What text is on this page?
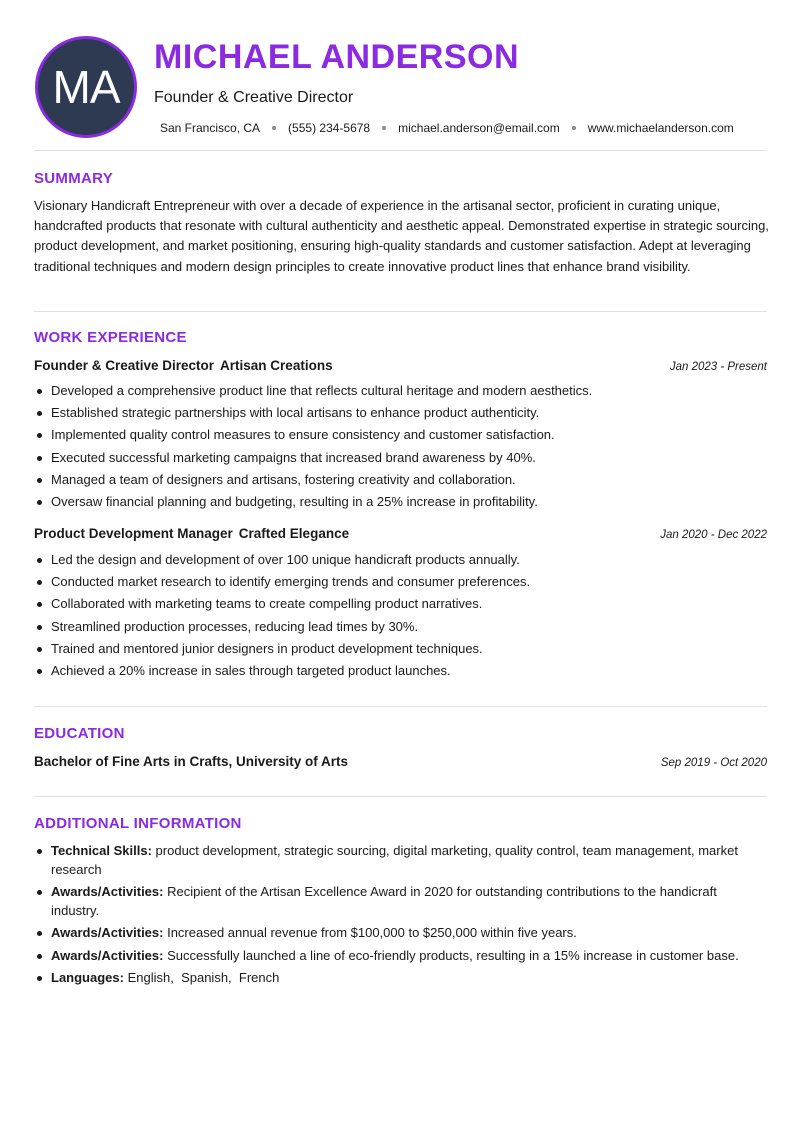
MA
MICHAEL ANDERSON
Founder & Creative Director
San Francisco, CA (555) 234-5678 michael.anderson@email.com www.michaelanderson.com
SUMMARY
Visionary Handicraft Entrepreneur with over a decade of experience in the artisanal sector, proficient in curating unique, handcrafted products that resonate with cultural authenticity and aesthetic appeal. Demonstrated expertise in strategic sourcing, product development, and market positioning, ensuring high-quality standards and customer satisfaction. Adept at leveraging traditional techniques and modern design principles to create innovative product lines that enhance brand visibility.
WORK EXPERIENCE
Founder & Creative Director Artisan Creations	Jan 2023 - Present
Developed a comprehensive product line that reflects cultural heritage and modern aesthetics.
Established strategic partnerships with local artisans to enhance product authenticity.
Implemented quality control measures to ensure consistency and customer satisfaction.
Executed successful marketing campaigns that increased brand awareness by 40%.
Managed a team of designers and artisans, fostering creativity and collaboration.
Oversaw financial planning and budgeting, resulting in a 25% increase in profitability.
Product Development Manager Crafted Elegance	Jan 2020 - Dec 2022
Led the design and development of over 100 unique handicraft products annually.
Conducted market research to identify emerging trends and consumer preferences.
Collaborated with marketing teams to create compelling product narratives.
Streamlined production processes, reducing lead times by 30%.
Trained and mentored junior designers in product development techniques.
Achieved a 20% increase in sales through targeted product launches.
EDUCATION
Bachelor of Fine Arts in Crafts, University of Arts	Sep 2019 - Oct 2020
ADDITIONAL INFORMATION
Technical Skills: product development, strategic sourcing, digital marketing, quality control, team management, market research
Awards/Activities: Recipient of the Artisan Excellence Award in 2020 for outstanding contributions to the handicraft industry.
Awards/Activities: Increased annual revenue from $100,000 to $250,000 within five years.
Awards/Activities: Successfully launched a line of eco-friendly products, resulting in a 15% increase in customer base.
Languages: English,  Spanish,  French
